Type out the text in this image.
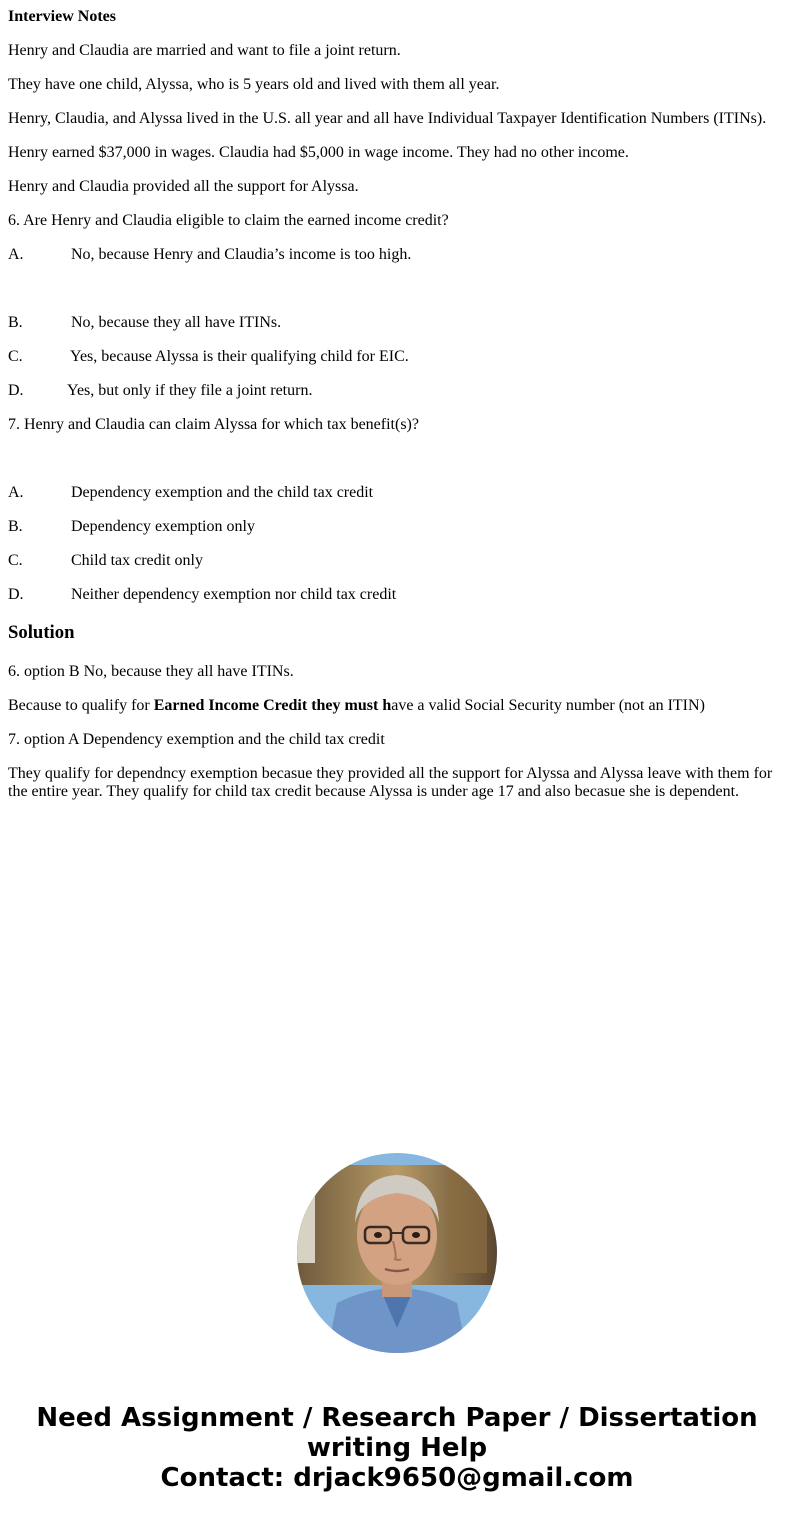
Interview Notes

Henry and Claudia are married and want to file a joint return.

They have one child, Alyssa, who is 5 years old and lived with them all year.

Henry, Claudia, and Alyssa lived in the U.S. all year and all have Individual Taxpayer Identification Numbers (ITINs).

Henry earned $37,000 in wages. Claudia had $5,000 in wage income. They had no other income.

Henry and Claudia provided all the support for Alyssa.

6. Are Henry and Claudia eligible to claim the earned income credit?

A.	No, because Henry and Claudia’s income is too high.

B.	No, because they all have ITINs.

C.	Yes, because Alyssa is their qualifying child for EIC.

D.	Yes, but only if they file a joint return.

7. Henry and Claudia can claim Alyssa for which tax benefit(s)?

A.	Dependency exemption and the child tax credit

B.	Dependency exemption only

C.	Child tax credit only

D.	Neither dependency exemption nor child tax credit

Solution

6. option B No, because they all have ITINs.

Because to qualify for Earned Income Credit they must have a valid Social Security number (not an ITIN)

7. option A Dependency exemption and the child tax credit

They qualify for dependncy exemption becasue they provided all the support for Alyssa and Alyssa leave with them for the entire year. They qualify for child tax credit because Alyssa is under age 17 and also becasue she is dependent.

Need Assignment / Research Paper / Dissertation
writing Help
Contact: drjack9650@gmail.com
